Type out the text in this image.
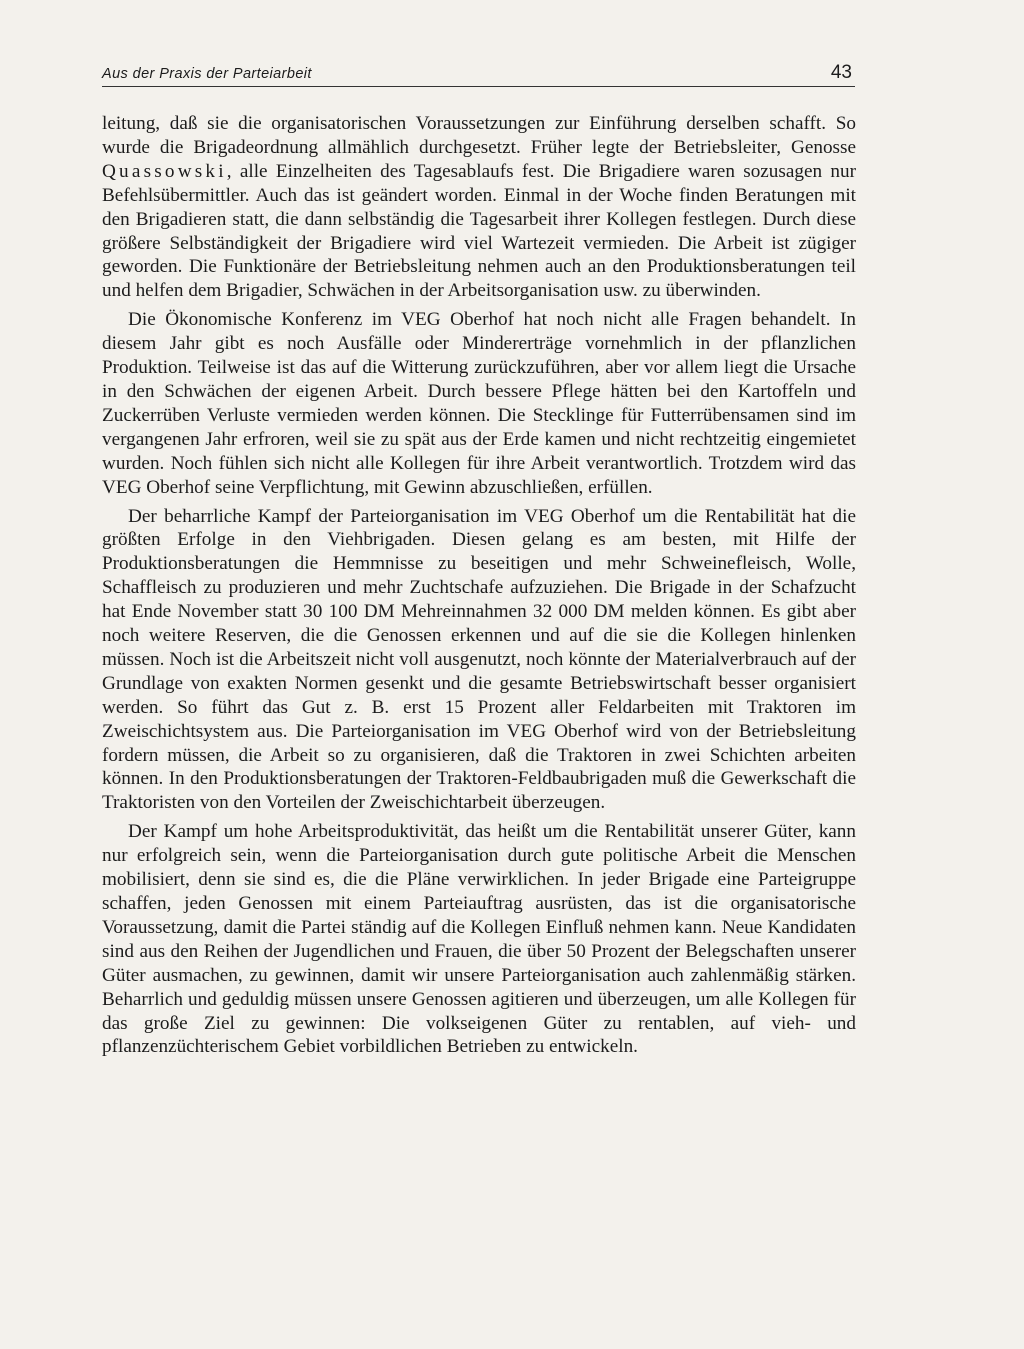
Aus der Praxis der Parteiarbeit	43

leitung, daß sie die organisatorischen Voraussetzungen zur Einführung derselben schafft. So wurde die Brigadeordnung allmählich durchgesetzt. Früher legte der Betriebsleiter, Genosse Quassowski, alle Einzelheiten des Tagesablaufs fest. Die Brigadiere waren sozusagen nur Befehlsübermittler. Auch das ist geändert worden. Einmal in der Woche finden Beratungen mit den Brigadieren statt, die dann selbständig die Tagesarbeit ihrer Kollegen festlegen. Durch diese größere Selbständigkeit der Brigadiere wird viel Wartezeit vermieden. Die Arbeit ist zügiger geworden. Die Funktionäre der Betriebsleitung nehmen auch an den Produktionsberatungen teil und helfen dem Brigadier, Schwächen in der Arbeitsorganisation usw. zu überwinden.

Die Ökonomische Konferenz im VEG Oberhof hat noch nicht alle Fragen behandelt. In diesem Jahr gibt es noch Ausfälle oder Mindererträge vornehmlich in der pflanzlichen Produktion. Teilweise ist das auf die Witterung zurückzuführen, aber vor allem liegt die Ursache in den Schwächen der eigenen Arbeit. Durch bessere Pflege hätten bei den Kartoffeln und Zuckerrüben Verluste vermieden werden können. Die Stecklinge für Futterrübensamen sind im vergangenen Jahr erfroren, weil sie zu spät aus der Erde kamen und nicht rechtzeitig eingemietet wurden. Noch fühlen sich nicht alle Kollegen für ihre Arbeit verantwortlich. Trotzdem wird das VEG Oberhof seine Verpflichtung, mit Gewinn abzuschließen, erfüllen.

Der beharrliche Kampf der Parteiorganisation im VEG Oberhof um die Rentabilität hat die größten Erfolge in den Viehbrigaden. Diesen gelang es am besten, mit Hilfe der Produktionsberatungen die Hemmnisse zu beseitigen und mehr Schweinefleisch, Wolle, Schaffleisch zu produzieren und mehr Zuchtschafe aufzuziehen. Die Brigade in der Schafzucht hat Ende November statt 30 100 DM Mehreinnahmen 32 000 DM melden können. Es gibt aber noch weitere Reserven, die die Genossen erkennen und auf die sie die Kollegen hinlenken müssen. Noch ist die Arbeitszeit nicht voll ausgenutzt, noch könnte der Materialverbrauch auf der Grundlage von exakten Normen gesenkt und die gesamte Betriebswirtschaft besser organisiert werden. So führt das Gut z. B. erst 15 Prozent aller Feldarbeiten mit Traktoren im Zweischichtsystem aus. Die Parteiorganisation im VEG Oberhof wird von der Betriebsleitung fordern müssen, die Arbeit so zu organisieren, daß die Traktoren in zwei Schichten arbeiten können. In den Produktionsberatungen der Traktoren-Feldbaubrigaden muß die Gewerkschaft die Traktoristen von den Vorteilen der Zweischichtarbeit überzeugen.

Der Kampf um hohe Arbeitsproduktivität, das heißt um die Rentabilität unserer Güter, kann nur erfolgreich sein, wenn die Parteiorganisation durch gute politische Arbeit die Menschen mobilisiert, denn sie sind es, die die Pläne verwirklichen. In jeder Brigade eine Parteigruppe schaffen, jeden Genossen mit einem Parteiauftrag ausrüsten, das ist die organisatorische Voraussetzung, damit die Partei ständig auf die Kollegen Einfluß nehmen kann. Neue Kandidaten sind aus den Reihen der Jugendlichen und Frauen, die über 50 Prozent der Belegschaften unserer Güter ausmachen, zu gewinnen, damit wir unsere Parteiorganisation auch zahlenmäßig stärken. Beharrlich und geduldig müssen unsere Genossen agitieren und überzeugen, um alle Kollegen für das große Ziel zu gewinnen: Die volkseigenen Güter zu rentablen, auf vieh- und pflanzenzüchterischem Gebiet vorbildlichen Betrieben zu entwickeln.
